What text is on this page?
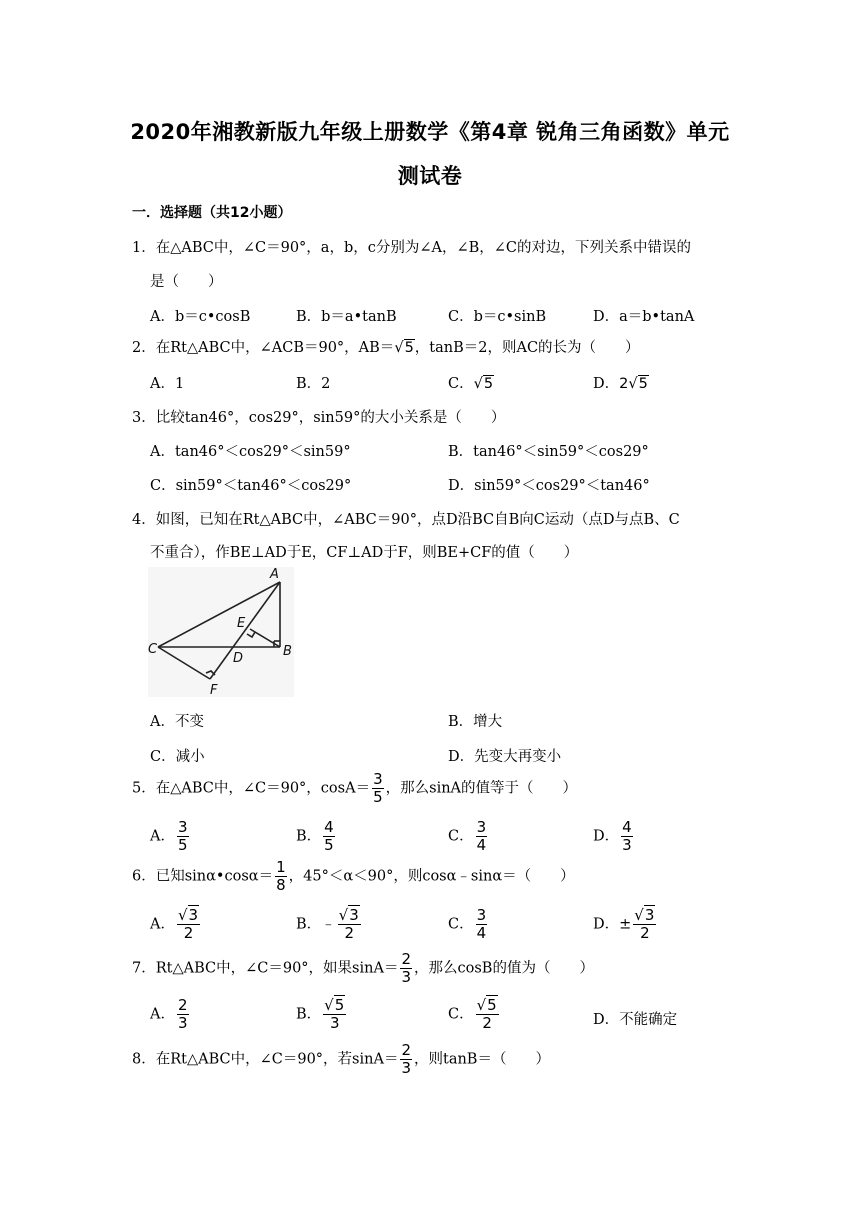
2020年湘教新版九年级上册数学《第4章 锐角三角函数》单元
测试卷
一．选择题（共12小题）
1．在△ABC中，∠C＝90°，a，b，c分别为∠A，∠B，∠C的对边，下列关系中错误的
是（　　）
A．b＝c•cosB	B．b＝a•tanB	C．b＝c•sinB	D．a＝b•tanA
2．在Rt△ABC中，∠ACB＝90°，AB＝√5，tanB＝2，则AC的长为（　　）
A．1	B．2	C．√5	D．2√5
3．比较tan46°，cos29°，sin59°的大小关系是（　　）
A．tan46°＜cos29°＜sin59°	B．tan46°＜sin59°＜cos29°
C．sin59°＜tan46°＜cos29°	D．sin59°＜cos29°＜tan46°
4．如图，已知在Rt△ABC中，∠ABC＝90°，点D沿BC自B向C运动（点D与点B、C
不重合），作BE⊥AD于E，CF⊥AD于F，则BE+CF的值（　　）
A
E
C
D	B
F
A．不变	B．增大
C．减小	D．先变大再变小
5．在△ABC中，∠C＝90°，$\cos A= \frac{3}{5}$ ，那么sinA的值等于（　　）
A． $\frac{3}{5}$	B． $\frac{4}{5}$	C． $\frac{3}{4}$	D． $\frac{4}{3}$
6．已知sinα•cosα＝ $\frac{1}{8}$ ，45°＜α＜90°，则cosα﹣sinα＝（　　）
A． $\frac{√3}{2}$	B．﹣ $\frac{√3}{2}$	C． $\frac{3}{4}$	D．± $\frac{√3}{2}$
7．Rt△ABC中，∠C＝90°，如果$\sin A= \frac{2}{3}$ ，那么cosB的值为（　　）
A． $\frac{2}{3}$	B． $\frac{√5}{3}$	C． $\frac{√5}{2}$	D．不能确定
8．在Rt△ABC中，∠C＝90°，若$\sin A= \frac{2}{3}$ ，则tanB＝（　　）
